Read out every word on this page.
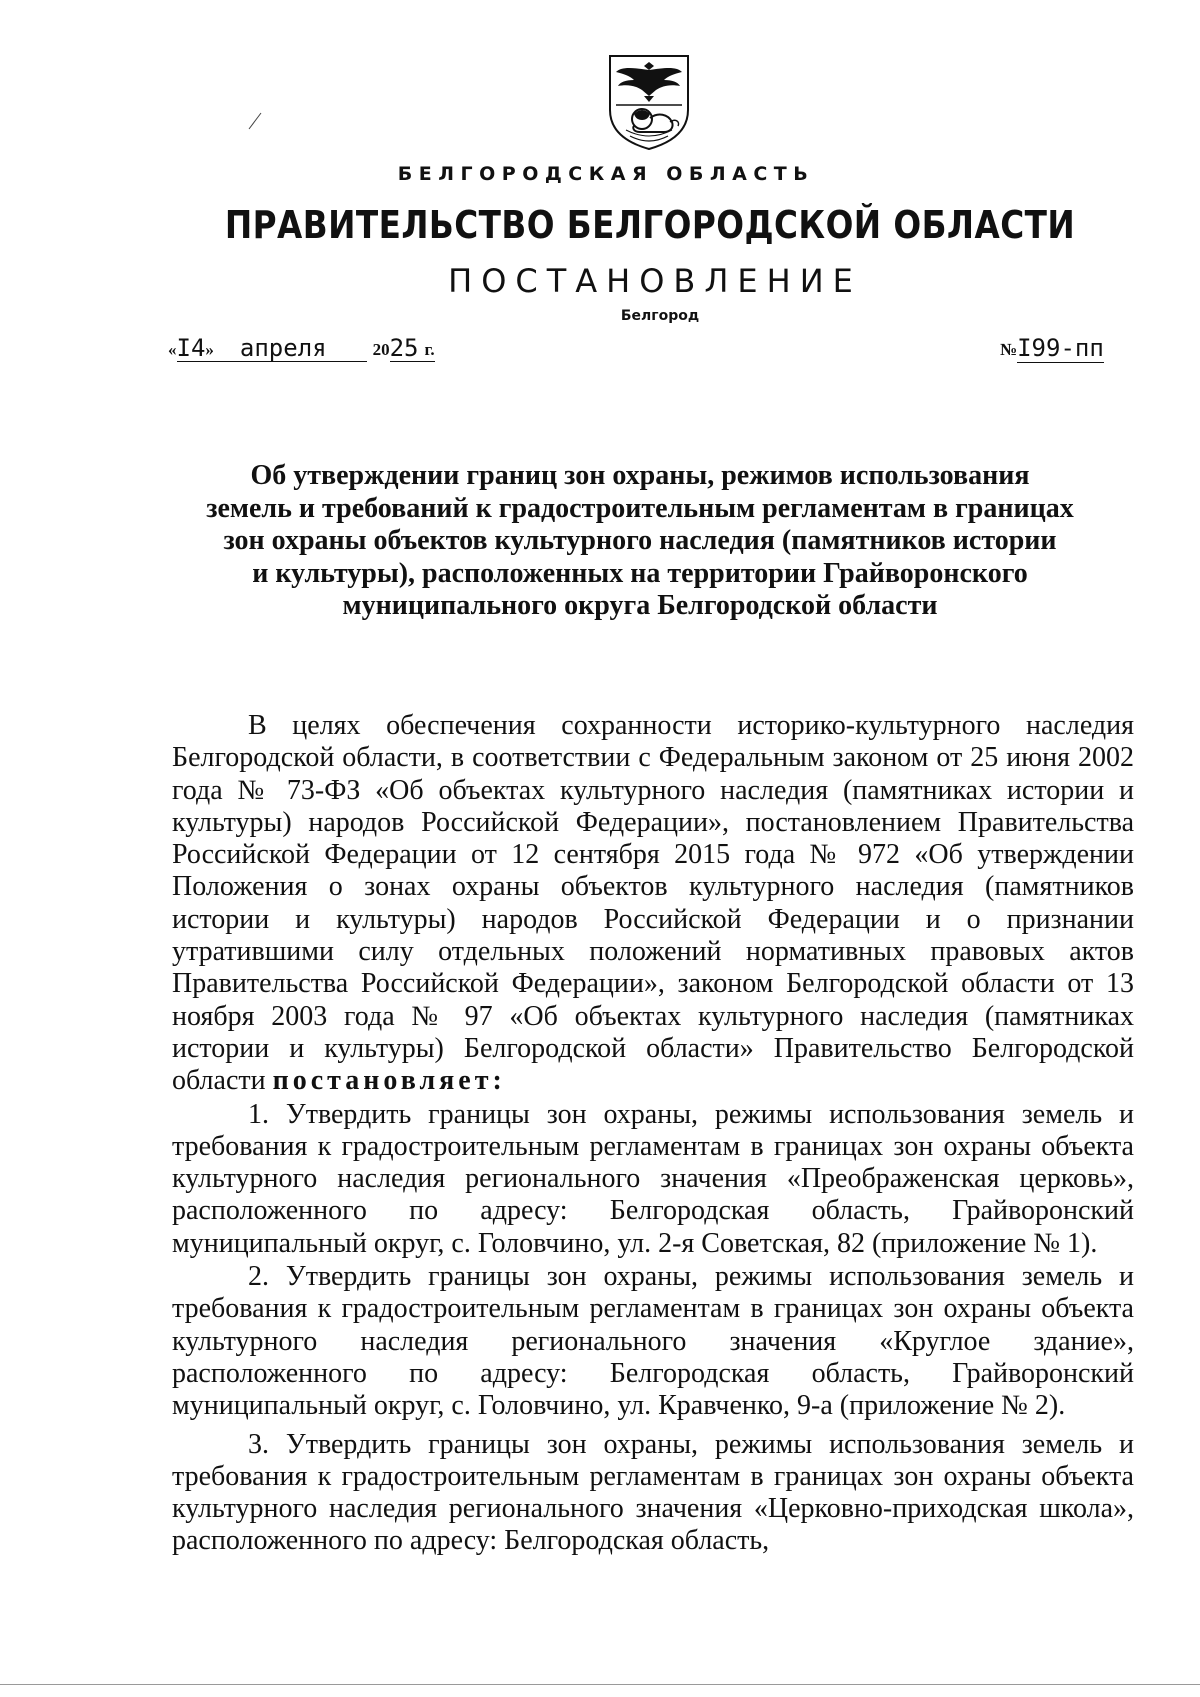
БЕЛГОРОДСКАЯ ОБЛАСТЬ
ПРАВИТЕЛЬСТВО БЕЛГОРОДСКОЙ ОБЛАСТИ
ПОСТАНОВЛЕНИЕ
Белгород
«I4» апреля	2025 г.	№I99-пп
Об утверждении границ зон охраны, режимов использования
земель и требований к градостроительным регламентам в границах
зон охраны объектов культурного наследия (памятников истории
и культуры), расположенных на территории Грайворонского
муниципального округа Белгородской области

В целях обеспечения сохранности историко-культурного наследия Белгородской области, в соответствии с Федеральным законом от 25 июня 2002 года № 73-ФЗ «Об объектах культурного наследия (памятниках истории и культуры) народов Российской Федерации», постановлением Правительства Российской Федерации от 12 сентября 2015 года № 972 «Об утверждении Положения о зонах охраны объектов культурного наследия (памятников истории и культуры) народов Российской Федерации и о признании утратившими силу отдельных положений нормативных правовых актов Правительства Российской Федерации», законом Белгородской области от 13 ноября 2003 года № 97 «Об объектах культурного наследия (памятниках истории и культуры) Белгородской области» Правительство Белгородской области постановляет:

1. Утвердить границы зон охраны, режимы использования земель и требования к градостроительным регламентам в границах зон охраны объекта культурного наследия регионального значения «Преображенская церковь», расположенного по адресу: Белгородская область, Грайворонский муниципальный округ, с. Головчино, ул. 2-я Советская, 82 (приложение № 1).

2. Утвердить границы зон охраны, режимы использования земель и требования к градостроительным регламентам в границах зон охраны объекта культурного наследия регионального значения «Круглое здание», расположенного по адресу: Белгородская область, Грайворонский муниципальный округ, с. Головчино, ул. Кравченко, 9-а (приложение № 2).

3. Утвердить границы зон охраны, режимы использования земель и требования к градостроительным регламентам в границах зон охраны объекта культурного наследия регионального значения «Церковно-приходская школа», расположенного по адресу: Белгородская область,
